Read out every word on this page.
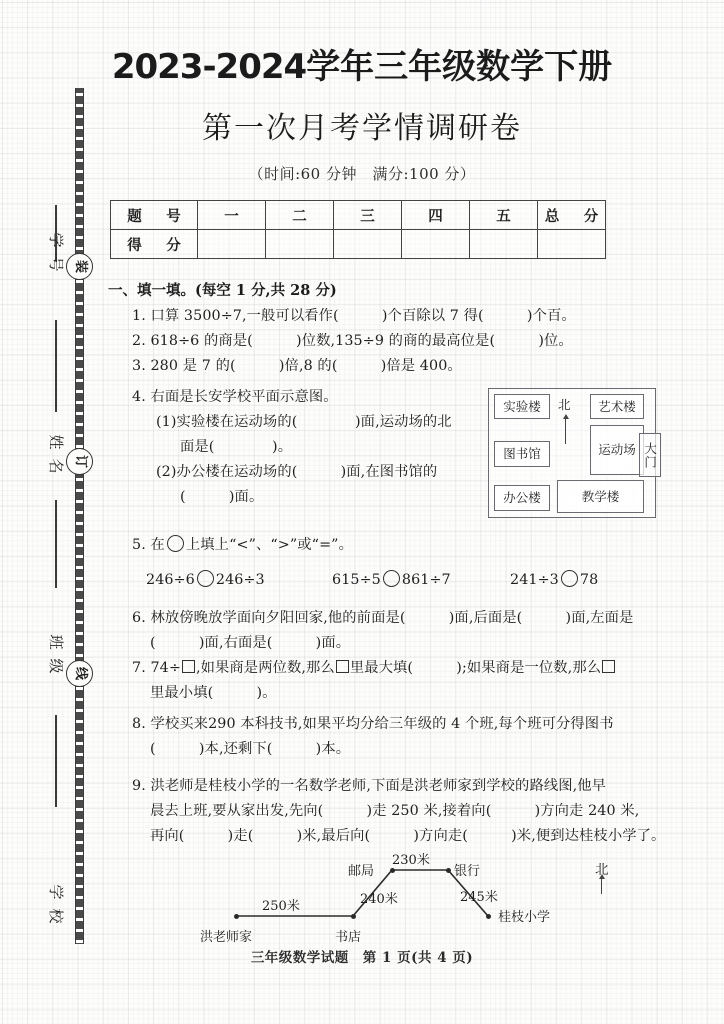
2023-2024学年三年级数学下册
第一次月考学情调研卷
（时间:60 分钟　满分:100 分）
题　号	一	二	三	四	五	总　分
得　分						
装
订
线
学
号
姓
名
班
级
学
校
一、填一填。(每空 1 分,共 28 分)
1. 口算 3500÷7,一般可以看作(　　　)个百除以 7 得(　　　)个百。
2. 618÷6 的商是(　　　)位数,135÷9 的商的最高位是(　　　)位。
3. 280 是 7 的(　　　)倍,8 的(　　　)倍是 400。
4. 右面是长安学校平面示意图。
(1)实验楼在运动场的(　　　　)面,运动场的北
面是(　　　　)。
(2)办公楼在运动场的(　　　)面,在图书馆的
(　　　)面。
实验楼	艺术楼
图书馆	运动场
办公楼	教学楼
大门
北
5. 在 上填上“<”、“>”或“=”。
246÷6 246÷3	615÷5 861÷7	241÷3 78
6. 林放傍晚放学面向夕阳回家,他的前面是(　　　)面,后面是(　　　)面,左面是
(　　　)面,右面是(　　　)面。
7. 74÷ ,如果商是两位数,那么 里最大填(　　　);如果商是一位数,那么
里最小填(　　　)。
8. 学校买来290 本科技书,如果平均分给三年级的 4 个班,每个班可分得图书
(　　　)本,还剩下(　　　)本。
9. 洪老师是桂枝小学的一名数学老师,下面是洪老师家到学校的路线图,他早
晨去上班,要从家出发,先向(　　　)走 250 米,接着向(　　　)方向走 240 米,
再向(　　　)走(　　　)米,最后向(　　　)方向走(　　　)米,便到达桂枝小学了。
洪老师家	书店
邮局	银行
桂枝小学
250米	240米
230米
245米
北
三年级数学试题　第 1 页(共 4 页)
